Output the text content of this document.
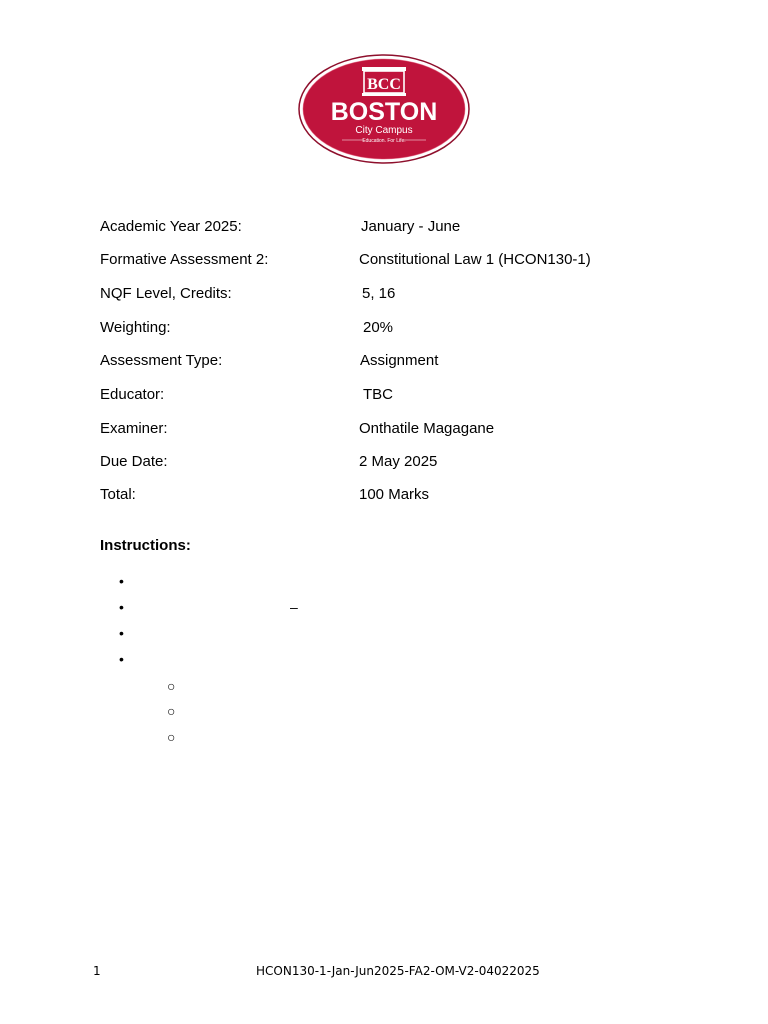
BCC
BOSTON
City Campus
Education. For Life.
Academic Year 2025:	January - June
Formative Assessment 2:	Constitutional Law 1 (HCON130-1)
NQF Level, Credits:	5, 16
Weighting:	20%
Assessment Type:	Assignment
Educator:	TBC
Examiner:	Onthatile Magagane
Due Date:	2 May 2025
Total:	100 Marks
Instructions:
•
•	–
•
•
○
○
○
1	HCON130-1-Jan-Jun2025-FA2-OM-V2-04022025
